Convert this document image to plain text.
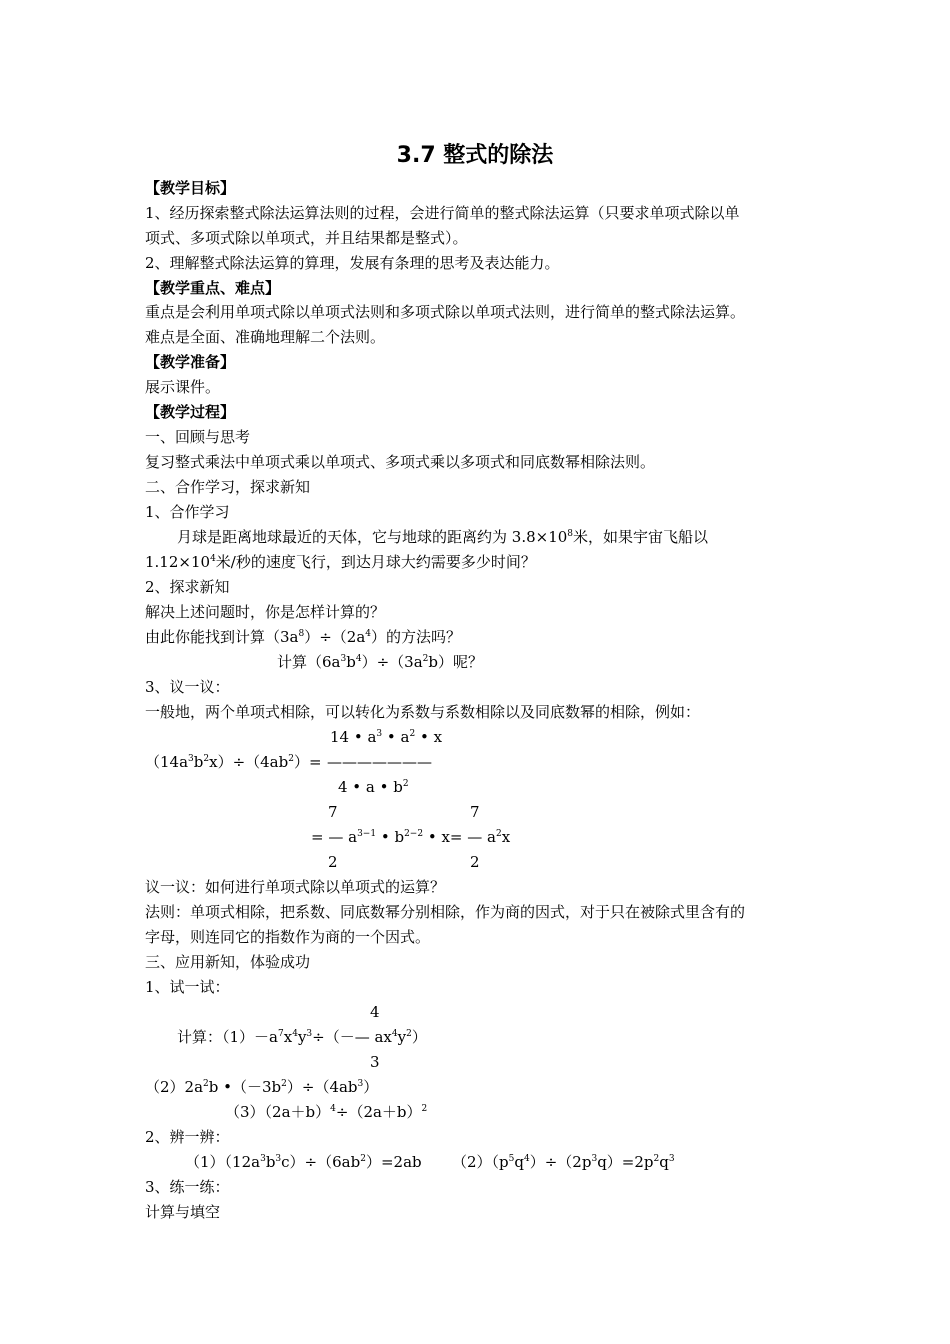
3.7 整式的除法
【教学目标】
1、经历探索整式除法运算法则的过程，会进行简单的整式除法运算（只要求单项式除以单
项式、多项式除以单项式，并且结果都是整式）。
2、理解整式除法运算的算理，发展有条理的思考及表达能力。
【教学重点、难点】
重点是会利用单项式除以单项式法则和多项式除以单项式法则，进行简单的整式除法运算。
难点是全面、准确地理解二个法则。
【教学准备】
展示课件。
【教学过程】
一、回顾与思考
复习整式乘法中单项式乘以单项式、多项式乘以多项式和同底数幂相除法则。
二、合作学习，探求新知
1、合作学习
月球是距离地球最近的天体，它与地球的距离约为 $3.8\times 10^8$米，如果宇宙飞船以
$1.12\times 10^4$米/秒的速度飞行，到达月球大约需要多少时间？
2、探求新知
解决上述问题时，你是怎样计算的？
由此你能找到计算$(3a^8)\div(2a^4)$的方法吗？
计算$(6a^3b^4)\div(3a^2b)$呢？
3、议一议：
一般地，两个单项式相除，可以转化为系数与系数相除以及同底数幂的相除，例如：
14 • $a^3$ • $a^2$ • x
$(14a^3b^2x)\div(4ab^2)=$ ———————
4 • a • $b^2$
7	7
= — $a^{3-1}$ • $b^{2-2}$ • x= — $a^2x$
2	2
议一议：如何进行单项式除以单项式的运算？
法则：单项式相除，把系数、同底数幂分别相除，作为商的因式，对于只在被除式里含有的
字母，则连同它的指数作为商的一个因式。
三、应用新知，体验成功
1、试一试：
4
计算：$(1)-a^7x^4y^3\div(-—$ $ax^4y^2$）
3
$(2)2a^2b$ $•(-3b^2)\div(4ab^3)$
$(3)(2a+b)^4\div(2a+b)^2$
2、辨一辨：
$(1)(12a^3b^3c)\div(6ab^2)=2ab$ $(2)(p^5q^4)\div(2p^3q)=2p^2q^3$
3、练一练：
计算与填空
